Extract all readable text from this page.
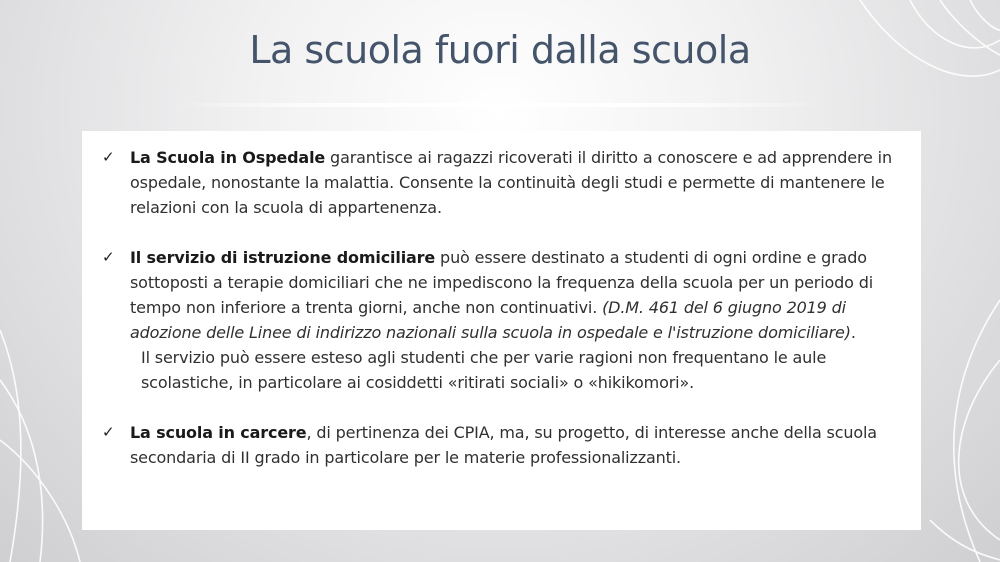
La scuola fuori dalla scuola
✓ La Scuola in Ospedale garantisce ai ragazzi ricoverati il diritto a conoscere e ad apprendere in ospedale, nonostante la malattia. Consente la continuità degli studi e permette di mantenere le relazioni con la scuola di appartenenza.

✓ Il servizio di istruzione domiciliare può essere destinato a studenti di ogni ordine e grado sottoposti a terapie domiciliari che ne impediscono la frequenza della scuola per un periodo di tempo non inferiore a trenta giorni, anche non continuativi. (D.M. 461 del 6 giugno 2019 di adozione delle Linee di indirizzo nazionali sulla scuola in ospedale e l'istruzione domiciliare).

Il servizio può essere esteso agli studenti che per varie ragioni non frequentano le aule scolastiche, in particolare ai cosiddetti «ritirati sociali» o «hikikomori».

✓ La scuola in carcere, di pertinenza dei CPIA, ma, su progetto, di interesse anche della scuola secondaria di II grado in particolare per le materie professionalizzanti.
